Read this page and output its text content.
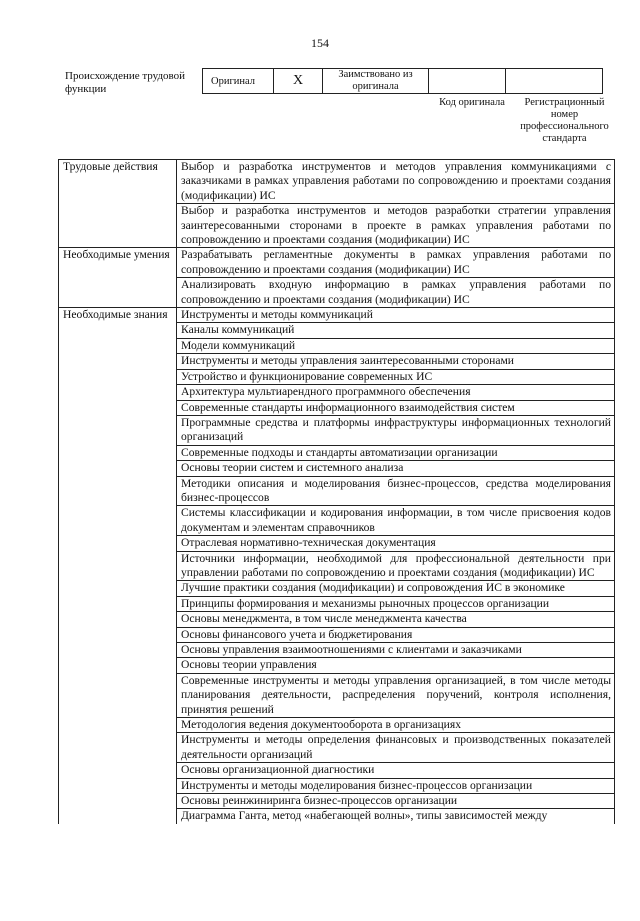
154
Происхождение трудовой функции
Оригинал	X	Заимствовано из оригинала		
Код оригинала	Регистрационный номер профессионального стандарта
Трудовые действия	Выбор и разработка инструментов и методов управления коммуникациями с заказчиками в рамках управления работами по сопровождению и проектами создания (модификации) ИС
	Выбор и разработка инструментов и методов разработки стратегии управления заинтересованными сторонами в проекте в рамках управления работами по сопровождению и проектами создания (модификации) ИС
Необходимые умения	Разрабатывать регламентные документы в рамках управления работами по сопровождению и проектами создания (модификации) ИС
	Анализировать входную информацию в рамках управления работами по сопровождению и проектами создания (модификации) ИС
Необходимые знания	Инструменты и методы коммуникаций
	Каналы коммуникаций
	Модели коммуникаций
	Инструменты и методы управления заинтересованными сторонами
	Устройство и функционирование современных ИС
	Архитектура мультиарендного программного обеспечения
	Современные стандарты информационного взаимодействия систем
	Программные средства и платформы инфраструктуры информационных технологий организаций
	Современные подходы и стандарты автоматизации организации
	Основы теории систем и системного анализа
	Методики описания и моделирования бизнес-процессов, средства моделирования бизнес-процессов
	Системы классификации и кодирования информации, в том числе присвоения кодов документам и элементам справочников
	Отраслевая нормативно-техническая документация
	Источники информации, необходимой для профессиональной деятельности при управлении работами по сопровождению и проектами создания (модификации) ИС
	Лучшие практики создания (модификации) и сопровождения ИС в экономике
	Принципы формирования и механизмы рыночных процессов организации
	Основы менеджмента, в том числе менеджмента качества
	Основы финансового учета и бюджетирования
	Основы управления взаимоотношениями с клиентами и заказчиками
	Основы теории управления
	Современные инструменты и методы управления организацией, в том числе методы планирования деятельности, распределения поручений, контроля исполнения, принятия решений
	Методология ведения документооборота в организациях
	Инструменты и методы определения финансовых и производственных показателей деятельности организаций
	Основы организационной диагностики
	Инструменты и методы моделирования бизнес-процессов организации
	Основы реинжиниринга бизнес-процессов организации
	Диаграмма Ганта, метод «набегающей волны», типы зависимостей между
